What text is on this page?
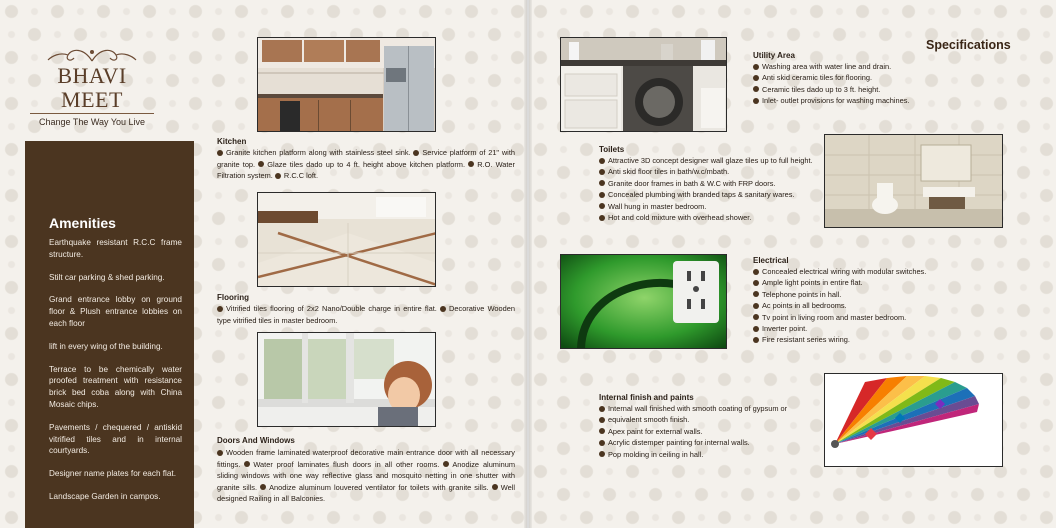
BHAVI MEET
Change The Way You Live
Amenities

Earthquake resistant R.C.C frame structure.

Stilt car parking & shed parking.

Grand entrance lobby on ground floor & Plush entrance lobbies on each floor

lift in every wing of the building.

Terrace to be chemically water proofed treatment with resistance brick bed coba along with China Mosaic chips.

Pavements / chequered / antiskid vitrified tiles and in internal courtyards.

Designer name plates for each flat.

Landscape Garden in campos.

Kitchen
Granite kitchen platform along with stainless steel sink. Service platform of 21" with granite top. Glaze tiles dado up to 4 ft. height above kitchen platform. R.O. Water Filtration system. R.C.C loft.
Flooring
Vitrified tiles flooring of 2x2 Nano/Double charge in entire flat. Decorative Wooden type vitrified tiles in master bedroom.
Doors And Windows
Wooden frame laminated waterproof decorative main entrance door with all necessary fittings. Water proof laminates flush doors in all other rooms. Anodize aluminum sliding windows with one way reflective glass and mosquito netting in one shutter with granite sills. Anodize aluminum louvered ventilator for toilets with granite sills. Well designed Railing in all Balconies.
Specifications
Utility Area
Washing area with water line and drain.
Anti skid ceramic tiles for flooring.
Ceramic tiles dado up to 3 ft. height.
Inlet- outlet provisions for washing machines.
Toilets
Attractive 3D concept designer wall glaze tiles up to full height.
Anti skid floor tiles in bath/w.c/mbath.
Granite door frames in bath & W.C with FRP doors.
Concealed plumbing with branded taps & sanitary wares.
Wall hung in master bedroom.
Hot and cold mixture with overhead shower.
Electrical
Concealed electrical wiring with modular switches.
Ample light points in entire flat.
Telephone points in hall.
Ac points in all bedrooms.
Tv point in living room and master bedroom.
Inverter point.
Fire resistant series wiring.
Internal finish and paints
Internal wall finished with smooth coating of gypsum or
equivalent smooth finish.
Apex paint for external walls.
Acrylic distemper painting for internal walls.
Pop molding in ceiling in hall.
